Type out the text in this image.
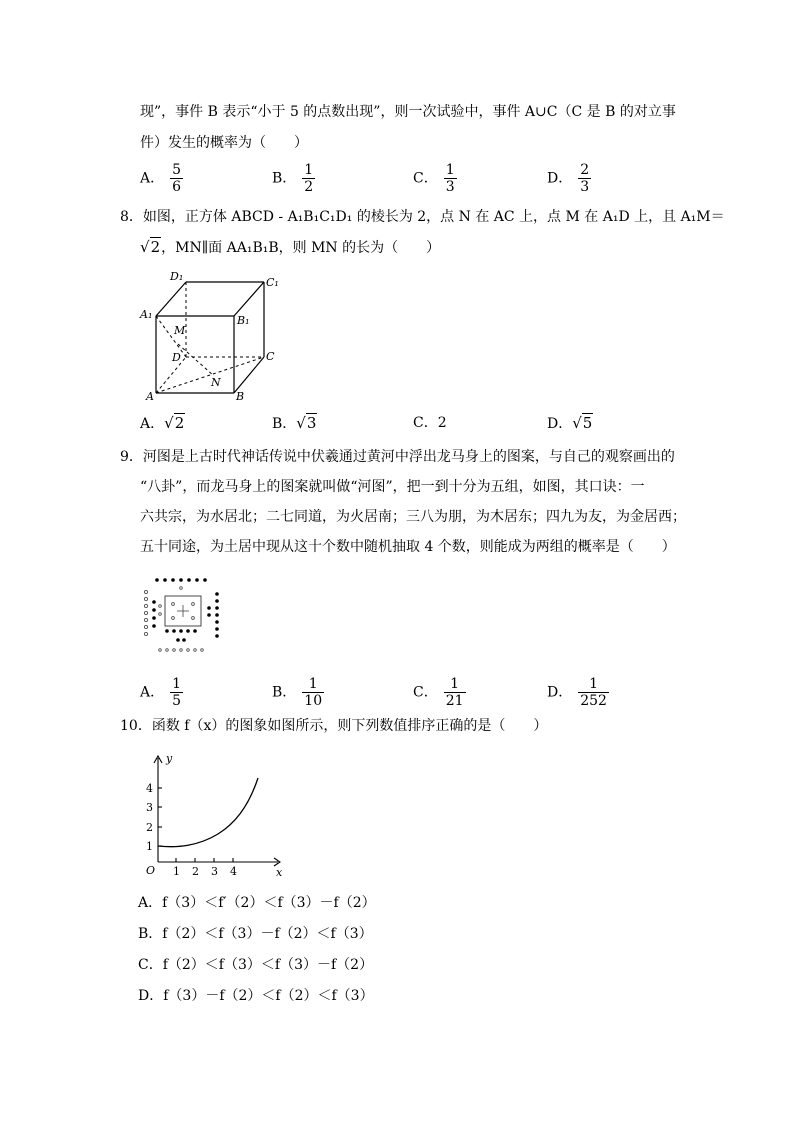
现”，事件 B 表示“小于 5 的点数出现”，则一次试验中，事件 A∪C（C 是 B 的对立事
件）发生的概率为（　　）
A． $\frac{5}{6}$	B． $\frac{1}{2}$	C． $\frac{1}{3}$	D． $\frac{2}{3}$
8．如图，正方体 ABCD - A₁B₁C₁D₁ 的棱长为 2，点 N 在 AC 上，点 M 在 A₁D 上，且 A₁M＝
√2，MN∥面 AA₁B₁B，则 MN 的长为（　　）
D₁	C₁
A₁	B₁
M
D	C
N
A	B
A．√2	B．√3	C．2	D．√5
9．河图是上古时代神话传说中伏羲通过黄河中浮出龙马身上的图案，与自己的观察画出的
“八卦”，而龙马身上的图案就叫做“河图”，把一到十分为五组，如图，其口诀：一
六共宗，为水居北；二七同道，为火居南；三八为朋，为木居东；四九为友，为金居西；
五十同途，为土居中现从这十个数中随机抽取 4 个数，则能成为两组的概率是（　　）
A． $\frac{1}{5}$	B． $\frac{1}{10}$	C． $\frac{1}{21}$	D． $\frac{1}{252}$
10．函数 f（x）的图象如图所示，则下列数值排序正确的是（　　）
y
x
O
1
2
3
4
1 2 3 4
A．f（3）＜f′（2）＜f（3）－f（2）
B．f（2）＜f（3）－f（2）＜f（3）
C．f（2）＜f（3）＜f（3）－f（2）
D．f（3）－f（2）＜f（2）＜f（3）
